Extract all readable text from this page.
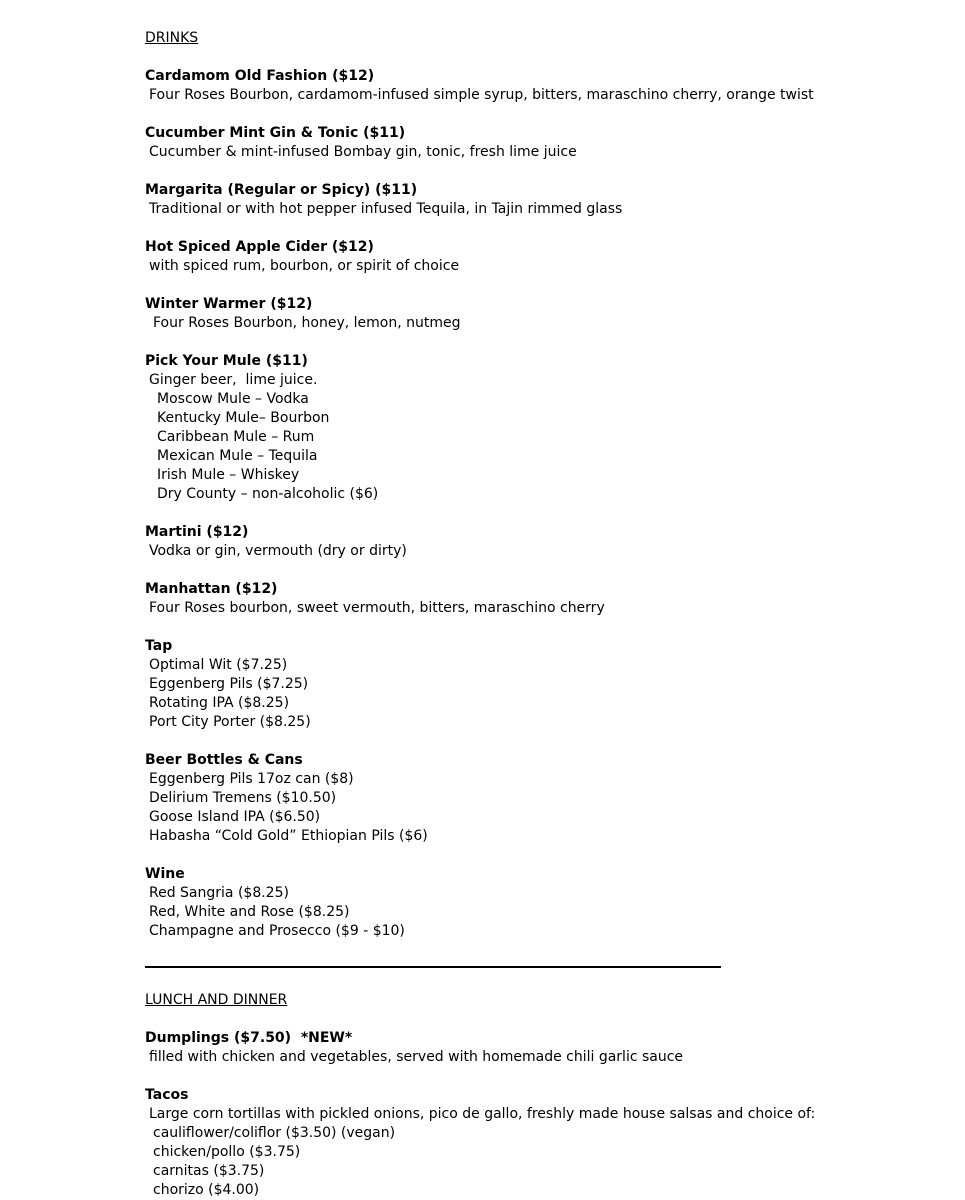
DRINKS
Cardamom Old Fashion ($12)
Four Roses Bourbon, cardamom-infused simple syrup, bitters, maraschino cherry, orange twist
Cucumber Mint Gin & Tonic ($11)
Cucumber & mint-infused Bombay gin, tonic, fresh lime juice
Margarita (Regular or Spicy) ($11)
Traditional or with hot pepper infused Tequila, in Tajin rimmed glass
Hot Spiced Apple Cider ($12)
with spiced rum, bourbon, or spirit of choice
Winter Warmer ($12)
Four Roses Bourbon, honey, lemon, nutmeg
Pick Your Mule ($11)
Ginger beer,  lime juice.
Moscow Mule – Vodka
Kentucky Mule– Bourbon
Caribbean Mule – Rum
Mexican Mule – Tequila
Irish Mule – Whiskey
Dry County – non-alcoholic ($6)
Martini ($12)
Vodka or gin, vermouth (dry or dirty)
Manhattan ($12)
Four Roses bourbon, sweet vermouth, bitters, maraschino cherry
Tap
Optimal Wit ($7.25)
Eggenberg Pils ($7.25)
Rotating IPA ($8.25)
Port City Porter ($8.25)
Beer Bottles & Cans
Eggenberg Pils 17oz can ($8)
Delirium Tremens ($10.50)
Goose Island IPA ($6.50)
Habasha “Cold Gold” Ethiopian Pils ($6)
Wine
Red Sangria ($8.25)
Red, White and Rose ($8.25)
Champagne and Prosecco ($9 - $10)
LUNCH AND DINNER
Dumplings ($7.50)  *NEW*
filled with chicken and vegetables, served with homemade chili garlic sauce
Tacos
Large corn tortillas with pickled onions, pico de gallo, freshly made house salsas and choice of:
cauliflower/coliflor ($3.50) (vegan)
chicken/pollo ($3.75)
carnitas ($3.75)
chorizo ($4.00)
